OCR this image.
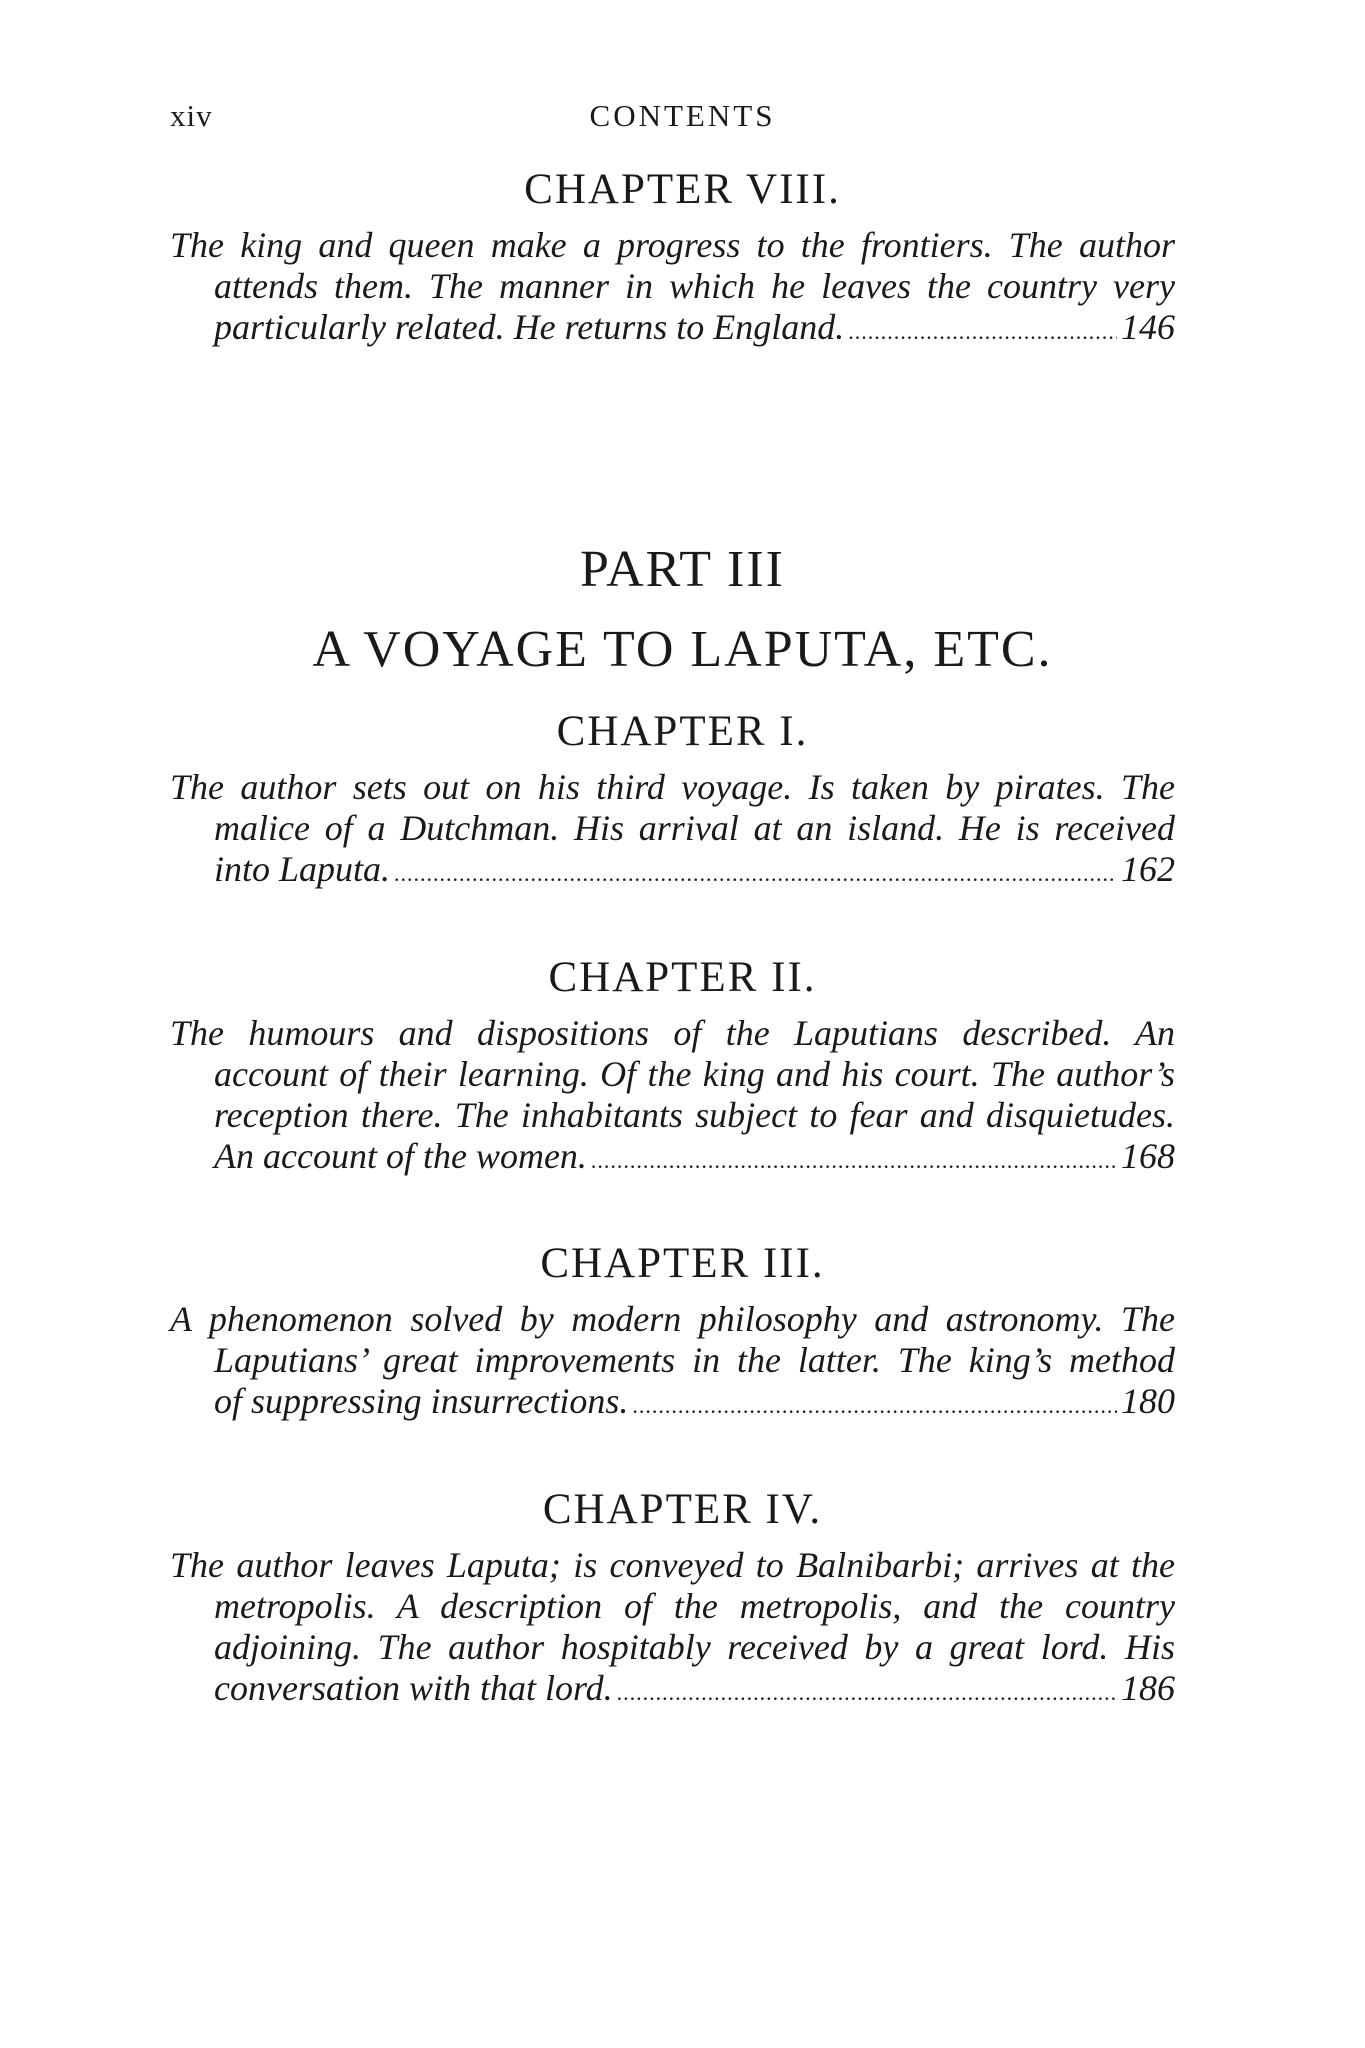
xiv	CONTENTS
CHAPTER VIII.
The king and queen make a progress to the frontiers. The author
attends them. The manner in which he leaves the country very
particularly related. He returns to England. .....	146
PART III
A VOYAGE TO LAPUTA, ETC.
CHAPTER I.
The author sets out on his third voyage. Is taken by pirates. The
malice of a Dutchman. His arrival at an island. He is received
into Laputa. .....	162
CHAPTER II.
The humours and dispositions of the Laputians described. An
account of their learning. Of the king and his court. The author’s
reception there. The inhabitants subject to fear and disquietudes.
An account of the women. .....	168
CHAPTER III.
A phenomenon solved by modern philosophy and astronomy. The
Laputians’ great improvements in the latter. The king’s method
of suppressing insurrections. .....	180
CHAPTER IV.
The author leaves Laputa; is conveyed to Balnibarbi; arrives at the
metropolis. A description of the metropolis, and the country
adjoining. The author hospitably received by a great lord. His
conversation with that lord. .....	186
